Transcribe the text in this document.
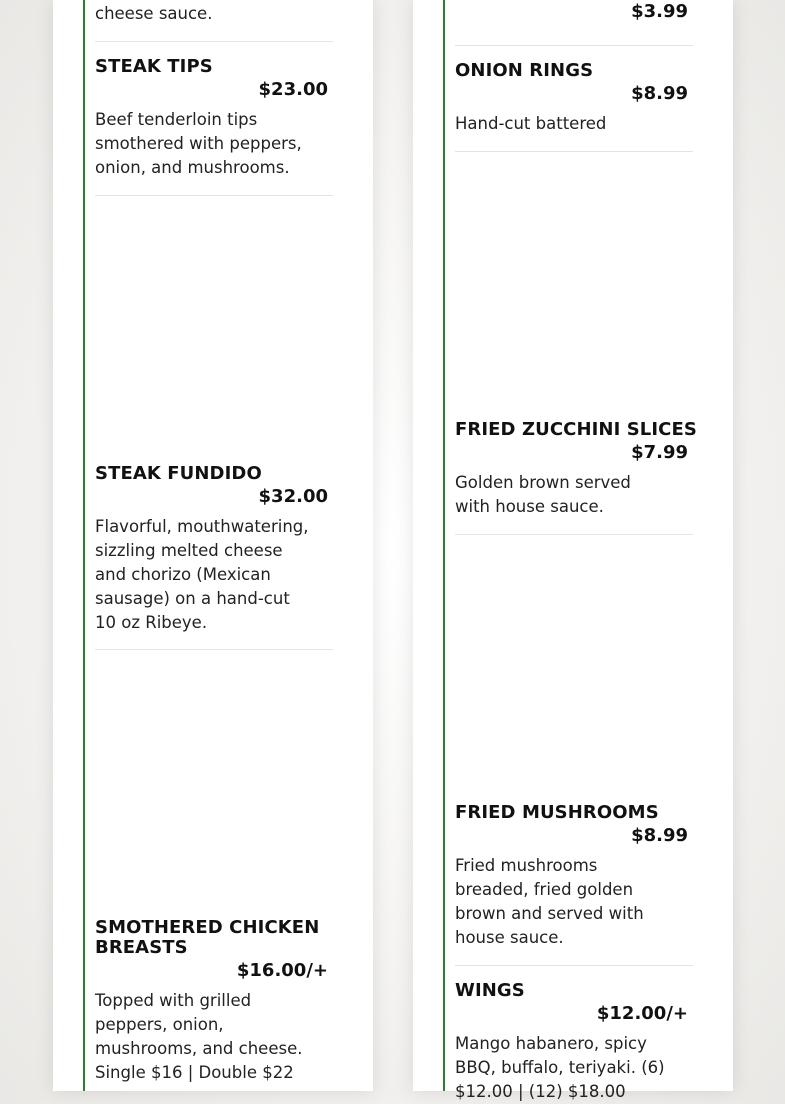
cheese sauce.
STEAK TIPS
$23.00
Beef tenderloin tips
smothered with peppers,
onion, and mushrooms.
STEAK FUNDIDO
$32.00
Flavorful, mouthwatering,
sizzling melted cheese
and chorizo (Mexican
sausage) on a hand-cut
10 oz Ribeye.
SMOTHERED CHICKEN
BREASTS
$16.00/+
Topped with grilled
peppers, onion,
mushrooms, and cheese.
Single $16 | Double $22
$3.99
ONION RINGS
$8.99
Hand-cut battered
FRIED ZUCCHINI SLICES
$7.99
Golden brown served
with house sauce.
FRIED MUSHROOMS
$8.99
Fried mushrooms
breaded, fried golden
brown and served with
house sauce.
WINGS
$12.00/+
Mango habanero, spicy
BBQ, buffalo, teriyaki. (6)
$12.00 | (12) $18.00
